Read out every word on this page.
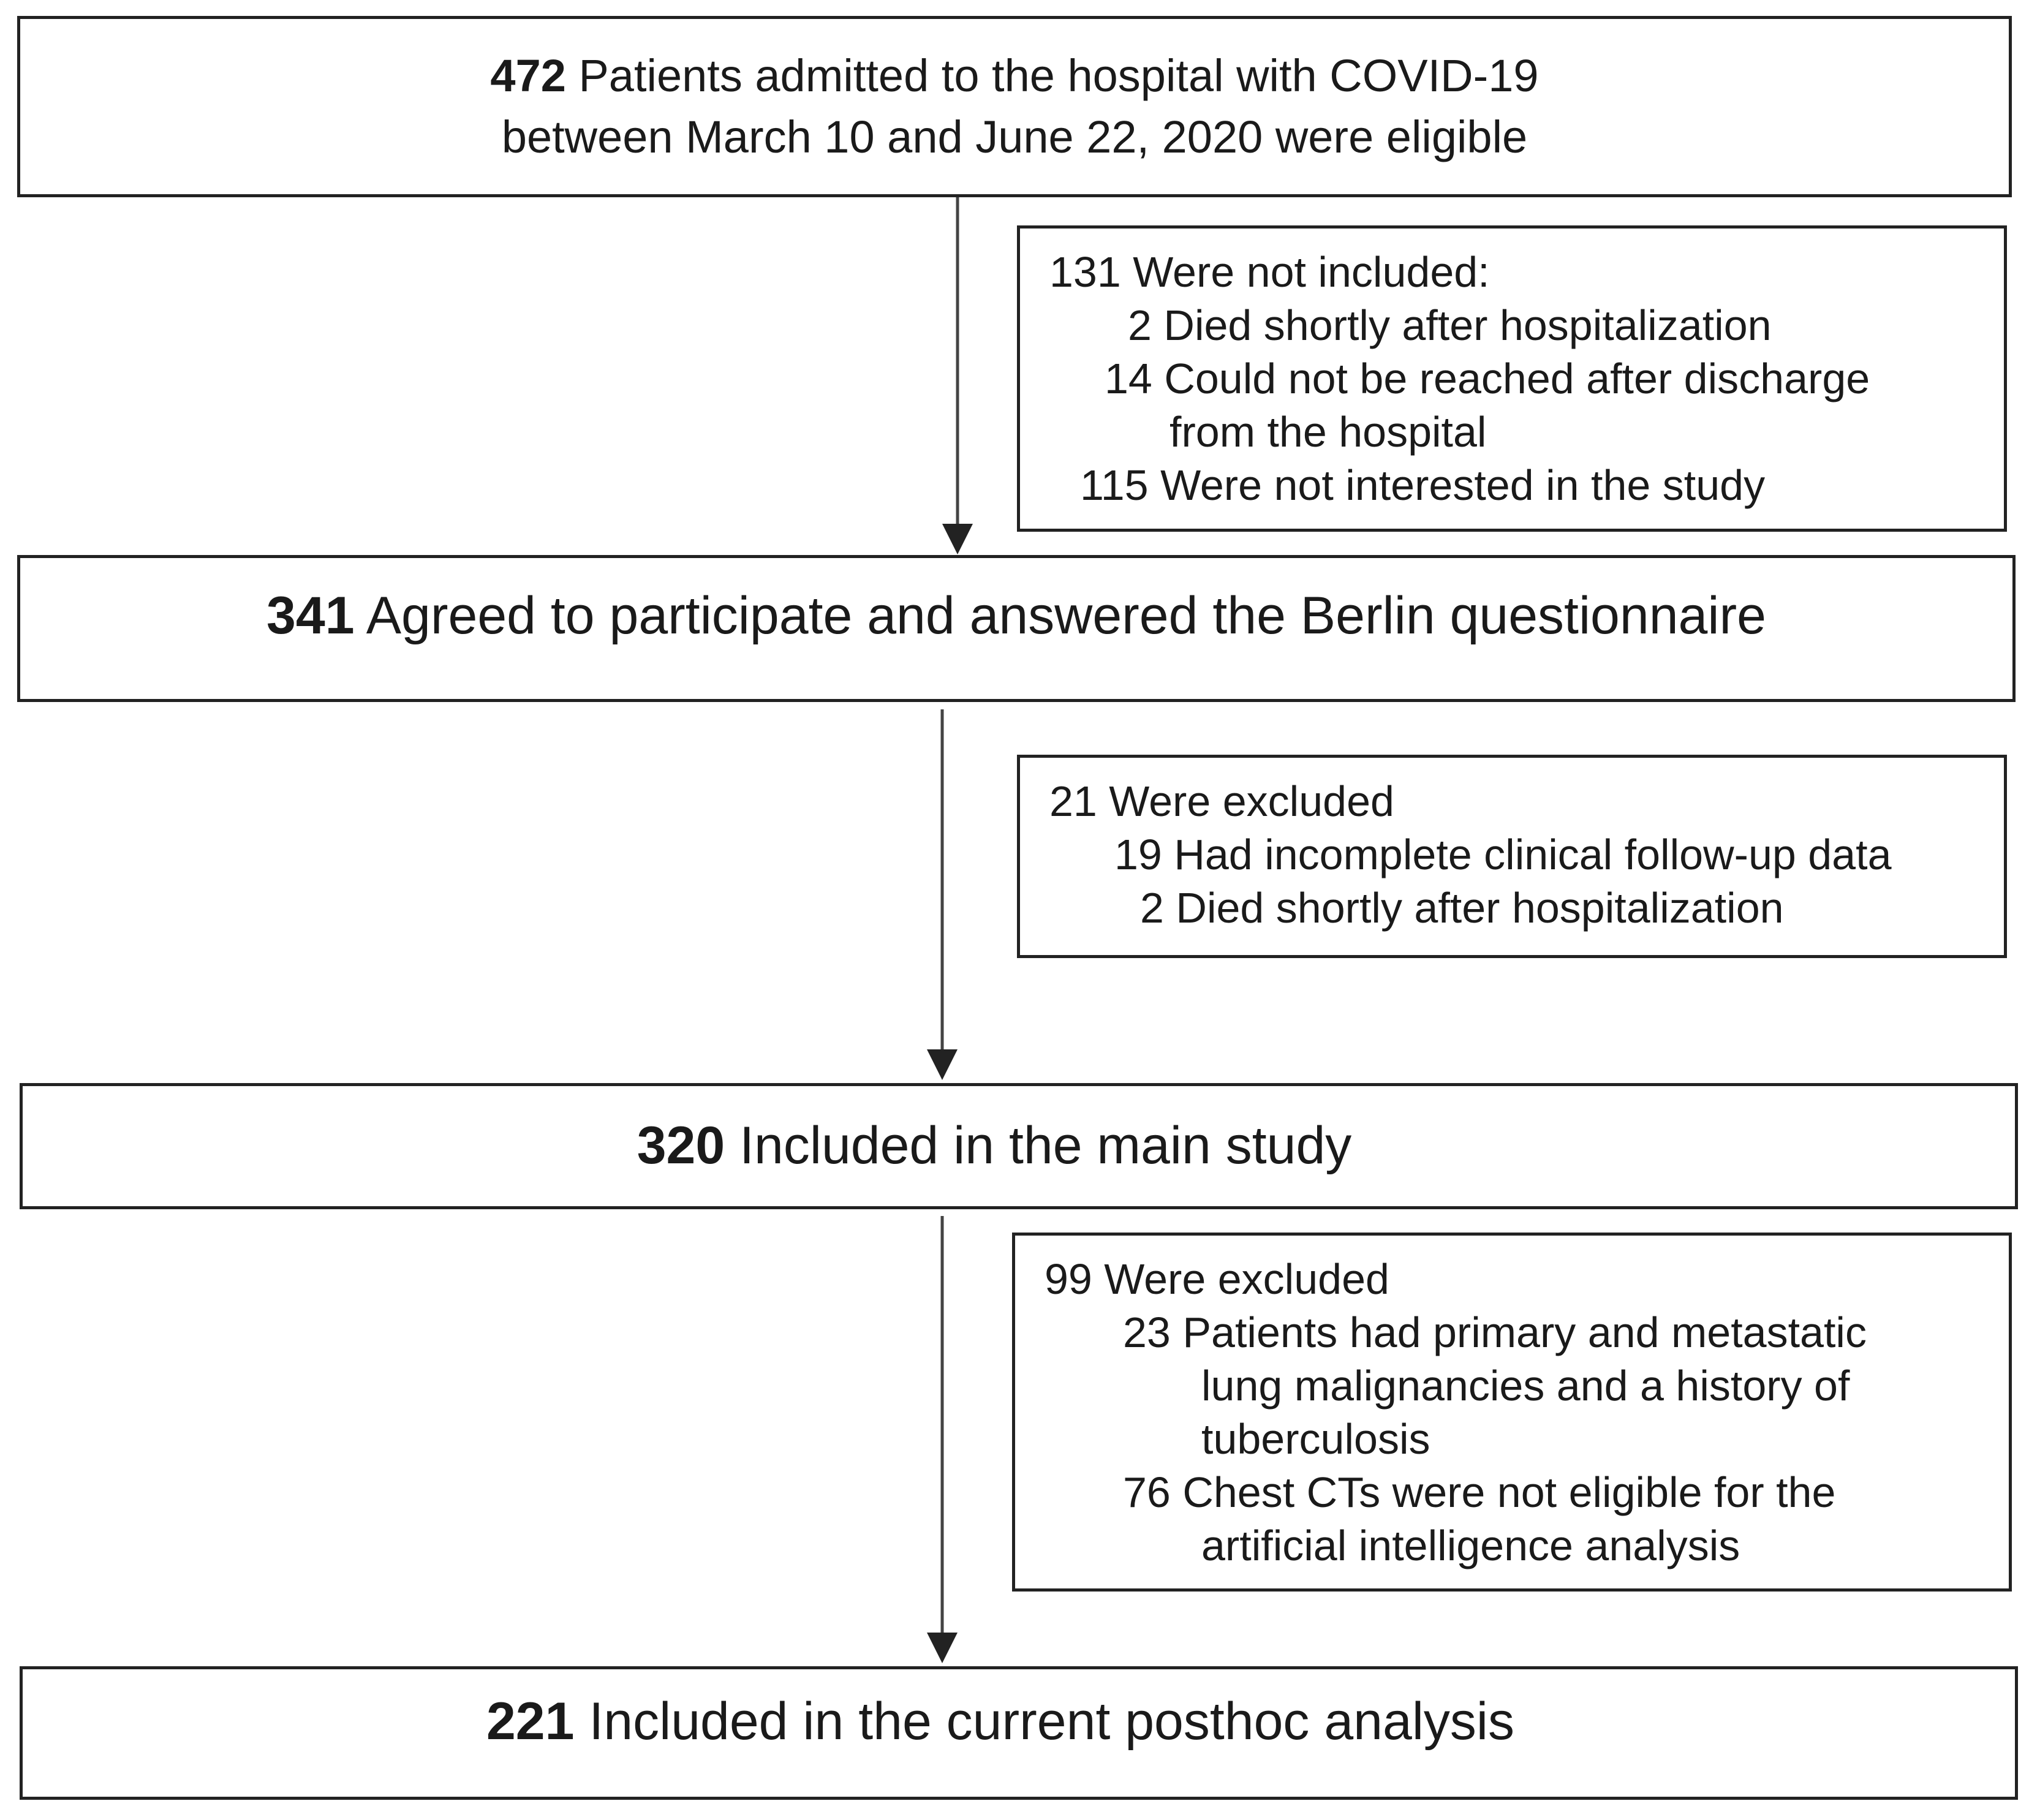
472 Patients admitted to the hospital with COVID-19
between March 10 and June 22, 2020 were eligible
131 Were not included:
2 Died shortly after hospitalization
14 Could not be reached after discharge
from the hospital
115 Were not interested in the study
341 Agreed to participate and answered the Berlin questionnaire
21 Were excluded
19 Had incomplete clinical follow-up data
2 Died shortly after hospitalization
320 Included in the main study
99 Were excluded
23 Patients had primary and metastatic
lung malignancies and a history of
tuberculosis
76 Chest CTs were not eligible for the
artificial intelligence analysis
221 Included in the current posthoc analysis
